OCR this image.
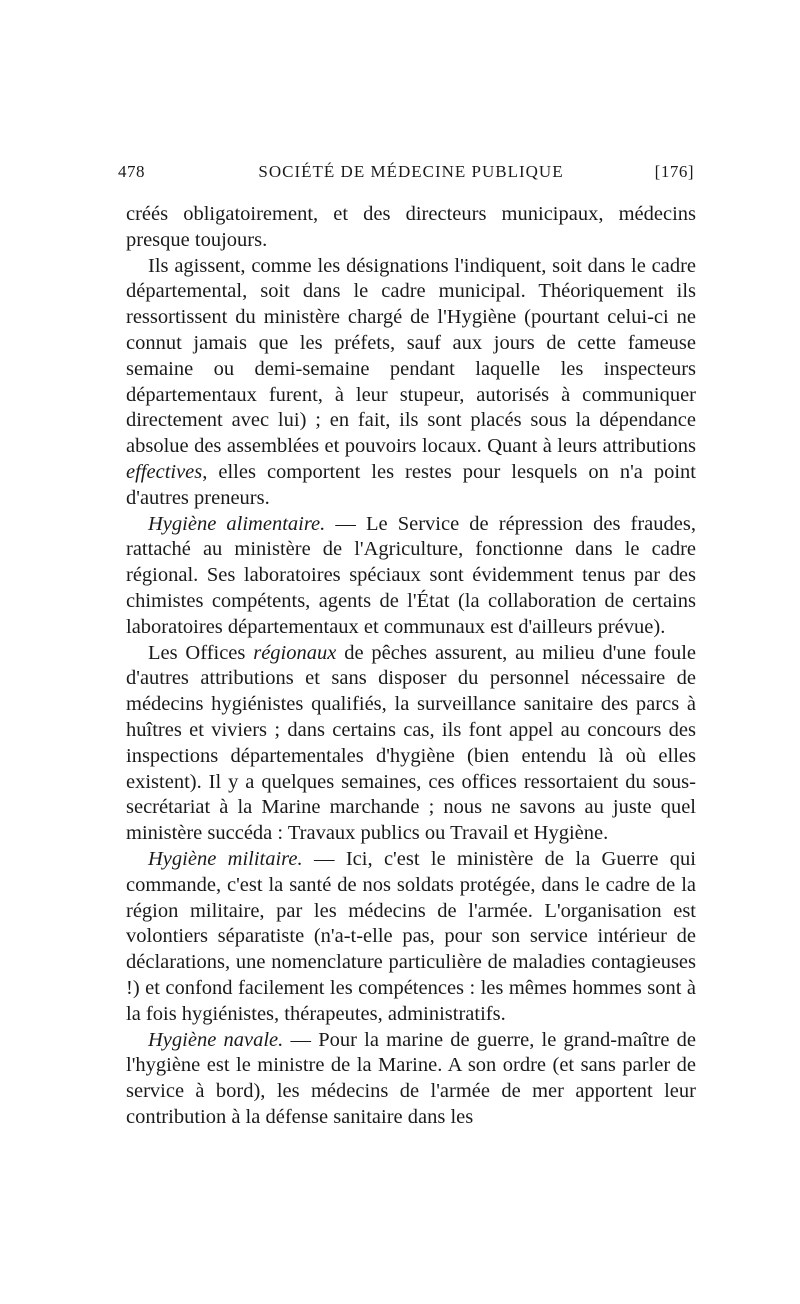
478	SOCIÉTÉ DE MÉDECINE PUBLIQUE	[176]

créés obligatoirement, et des directeurs municipaux, médecins presque toujours.

Ils agissent, comme les désignations l'indiquent, soit dans le cadre départemental, soit dans le cadre municipal. Théoriquement ils ressortissent du ministère chargé de l'Hygiène (pourtant celui-ci ne connut jamais que les préfets, sauf aux jours de cette fameuse semaine ou demi-semaine pendant laquelle les inspecteurs départementaux furent, à leur stupeur, autorisés à communiquer directement avec lui) ; en fait, ils sont placés sous la dépendance absolue des assemblées et pouvoirs locaux. Quant à leurs attributions effectives, elles comportent les restes pour lesquels on n'a point d'autres preneurs.

Hygiène alimentaire. — Le Service de répression des fraudes, rattaché au ministère de l'Agriculture, fonctionne dans le cadre régional. Ses laboratoires spéciaux sont évidemment tenus par des chimistes compétents, agents de l'État (la collaboration de certains laboratoires départementaux et communaux est d'ailleurs prévue).

Les Offices régionaux de pêches assurent, au milieu d'une foule d'autres attributions et sans disposer du personnel nécessaire de médecins hygiénistes qualifiés, la surveillance sanitaire des parcs à huîtres et viviers ; dans certains cas, ils font appel au concours des inspections départementales d'hygiène (bien entendu là où elles existent). Il y a quelques semaines, ces offices ressortaient du sous-secrétariat à la Marine marchande ; nous ne savons au juste quel ministère succéda : Travaux publics ou Travail et Hygiène.

Hygiène militaire. — Ici, c'est le ministère de la Guerre qui commande, c'est la santé de nos soldats protégée, dans le cadre de la région militaire, par les médecins de l'armée. L'organisation est volontiers séparatiste (n'a-t-elle pas, pour son service intérieur de déclarations, une nomenclature particulière de maladies contagieuses !) et confond facilement les compétences : les mêmes hommes sont à la fois hygiénistes, thérapeutes, administratifs.

Hygiène navale. — Pour la marine de guerre, le grand-maître de l'hygiène est le ministre de la Marine. A son ordre (et sans parler de service à bord), les médecins de l'armée de mer apportent leur contribution à la défense sanitaire dans les
